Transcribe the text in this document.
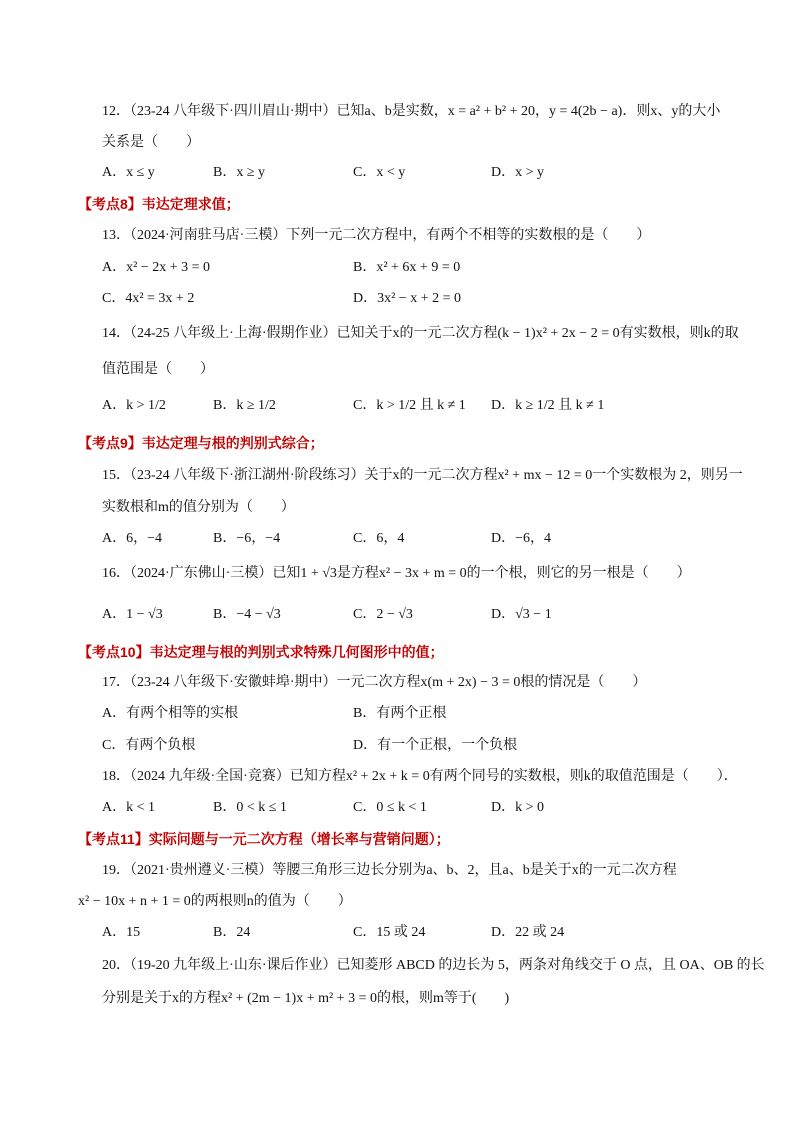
12．（23-24 八年级下·四川眉山·期中）已知a、b是实数，x = a² + b² + 20，y = 4(2b − a)．则x、y的大小
关系是（　　）
A．x ≤ y	B．x ≥ y	C．x < y	D．x > y
【考点8】韦达定理求值；
13．（2024·河南驻马店·三模）下列一元二次方程中，有两个不相等的实数根的是（　　）
A．x² − 2x + 3 = 0	B．x² + 6x + 9 = 0
C．4x² = 3x + 2	D．3x² − x + 2 = 0
14．（24-25 八年级上·上海·假期作业）已知关于x的一元二次方程(k − 1)x² + 2x − 2 = 0有实数根，则k的取
值范围是（　　）
A．k > 1/2	B．k ≥ 1/2	C．k > 1/2 且 k ≠ 1 D．k ≥ 1/2 且 k ≠ 1
【考点9】韦达定理与根的判别式综合；
15．（23-24 八年级下·浙江湖州·阶段练习）关于x的一元二次方程x² + mx − 12 = 0一个实数根为 2，则另一
实数根和m的值分别为（　　）
A．6，−4	B．−6，−4	C．6，4	D．−6，4
16．（2024·广东佛山·三模）已知1 + √3是方程x² − 3x + m = 0的一个根，则它的另一根是（　　）
A．1 − √3	B．−4 − √3	C．2 − √3	D．√3 − 1
【考点10】韦达定理与根的判别式求特殊几何图形中的值；
17．（23-24 八年级下·安徽蚌埠·期中）一元二次方程x(m + 2x) − 3 = 0根的情况是（　　）
A．有两个相等的实根	B．有两个正根
C．有两个负根	D．有一个正根，一个负根
18．（2024 九年级·全国·竞赛）已知方程x² + 2x + k = 0有两个同号的实数根，则k的取值范围是（　　）．
A．k < 1	B．0 < k ≤ 1	C．0 ≤ k < 1	D．k > 0
【考点11】实际问题与一元二次方程（增长率与营销问题）；
19．（2021·贵州遵义·三模）等腰三角形三边长分别为a、b、2，且a、b是关于x的一元二次方程
x² − 10x + n + 1 = 0的两根则n的值为（　　）
A．15	B．24	C．15 或 24	D．22 或 24
20．（19-20 九年级上·山东·课后作业）已知菱形 ABCD 的边长为 5，两条对角线交于 O 点，且 OA、OB 的长
分别是关于x的方程x² + (2m − 1)x + m² + 3 = 0的根，则m等于(　　)
